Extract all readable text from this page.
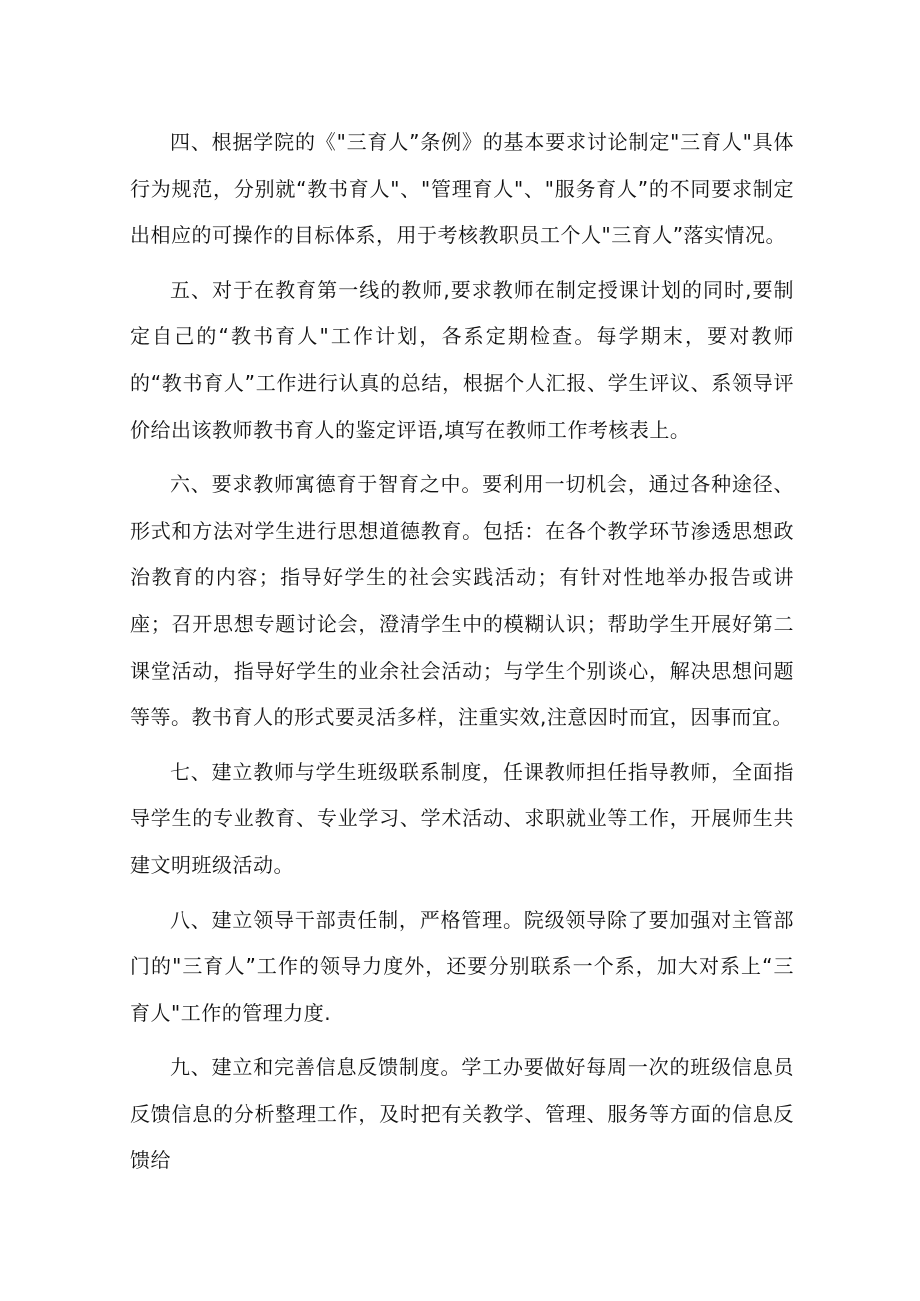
四、根据学院的《"三育人”条例》的基本要求讨论制定"三育人"具体行为规范，分别就“教书育人"、"管理育人"、"服务育人”的不同要求制定出相应的可操作的目标体系，用于考核教职员工个人"三育人”落实情况。

五、对于在教育第一线的教师,要求教师在制定授课计划的同时,要制定自己的“教书育人"工作计划，各系定期检查。每学期末，要对教师的“教书育人”工作进行认真的总结，根据个人汇报、学生评议、系领导评价给出该教师教书育人的鉴定评语,填写在教师工作考核表上。

六、要求教师寓德育于智育之中。要利用一切机会，通过各种途径、形式和方法对学生进行思想道德教育。包括：在各个教学环节渗透思想政治教育的内容；指导好学生的社会实践活动；有针对性地举办报告或讲座；召开思想专题讨论会，澄清学生中的模糊认识；帮助学生开展好第二课堂活动，指导好学生的业余社会活动；与学生个别谈心，解决思想问题等等。教书育人的形式要灵活多样，注重实效,注意因时而宜，因事而宜。

七、建立教师与学生班级联系制度，任课教师担任指导教师，全面指导学生的专业教育、专业学习、学术活动、求职就业等工作，开展师生共建文明班级活动。

八、建立领导干部责任制，严格管理。院级领导除了要加强对主管部门的"三育人”工作的领导力度外，还要分别联系一个系，加大对系上“三育人"工作的管理力度.

九、建立和完善信息反馈制度。学工办要做好每周一次的班级信息员反馈信息的分析整理工作，及时把有关教学、管理、服务等方面的信息反馈给
